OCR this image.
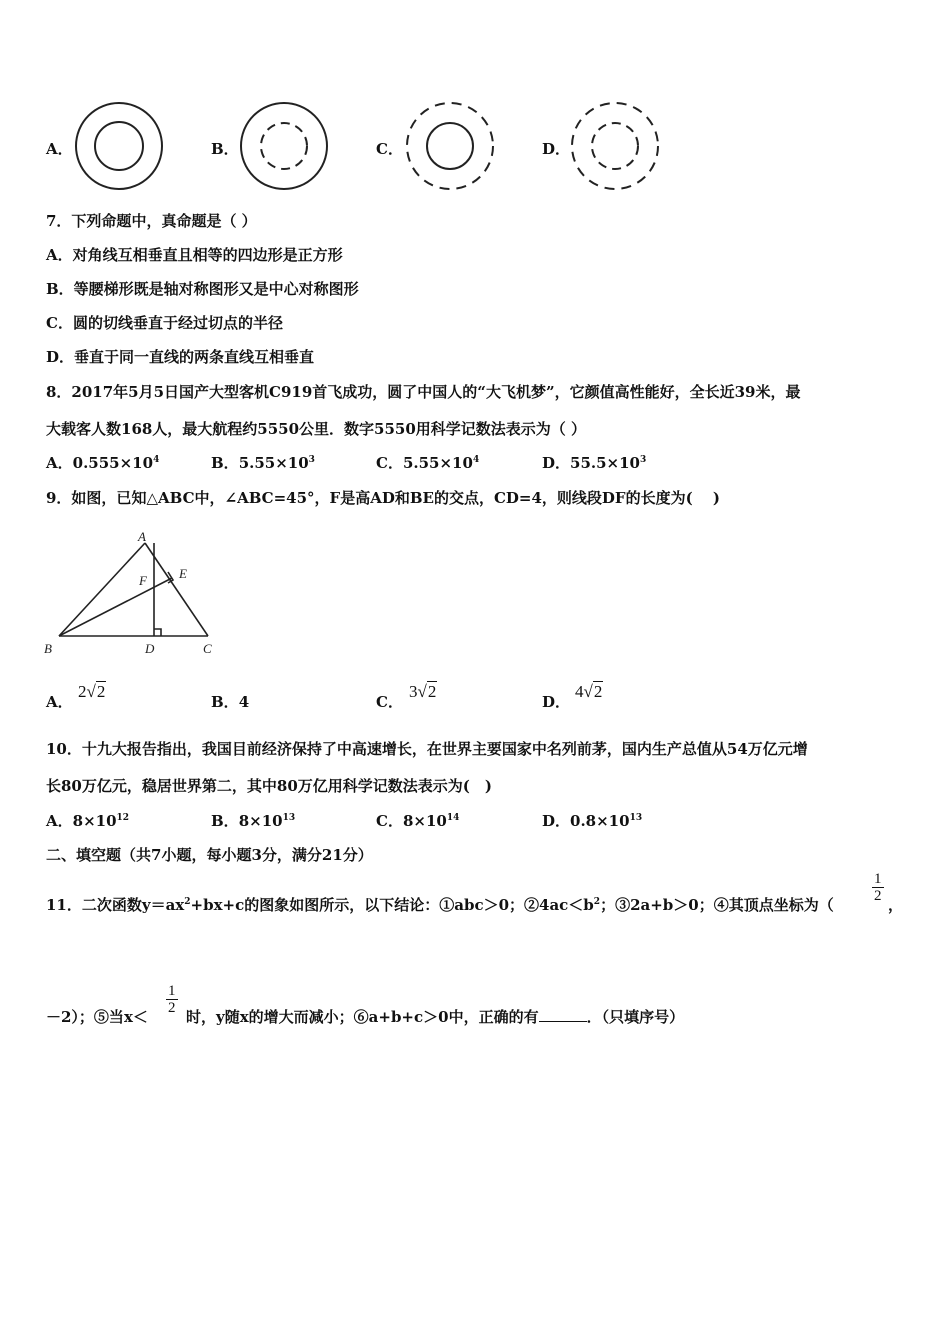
A．	B．	C．	D．
7．下列命题中，真命题是（ ）
A．对角线互相垂直且相等的四边形是正方形
B．等腰梯形既是轴对称图形又是中心对称图形
C．圆的切线垂直于经过切点的半径
D．垂直于同一直线的两条直线互相垂直
8．2017年5月5日国产大型客机C919首飞成功，圆了中国人的“大飞机梦”，它颜值高性能好，全长近39米，最
大载客人数168人，最大航程约5550公里．数字5550用科学记数法表示为（ ）
A．$0.555\times 10^4$	B．$5.55\times 10^3$	C．$5.55\times 10^4$	D．$55.5\times 10^3$
9．如图，已知△ABC中，∠ABC=45°，F是高AD和BE的交点，CD=4，则线段DF的长度为(　 )
A
B	C
D
E
F
A．
2√2
B．4	C．
3√2
D．
4√2
10．十九大报告指出，我国目前经济保持了中高速增长，在世界主要国家中名列前茅，国内生产总值从54万亿元增
长80万亿元，稳居世界第二，其中80万亿用科学记数法表示为(　)
A．$8\times 10^{12}$	B．$8\times 10^{13}$	C．$8\times 10^{14}$	D．$0.8\times 10^{13}$
二、填空题（共7小题，每小题3分，满分21分）
11．二次函数$y=ax^2+bx+c$的图象如图所示，以下结论：①abc＞0；$②4ac<b^2$；③2a+b＞0；④其顶点坐标为（
$\frac{1}{2}$
，
－2）；⑤当x＜
$\frac{1}{2}$
时，y随x的增大而减小；⑥a+b+c＞0中，正确的有	．（只填序号）
